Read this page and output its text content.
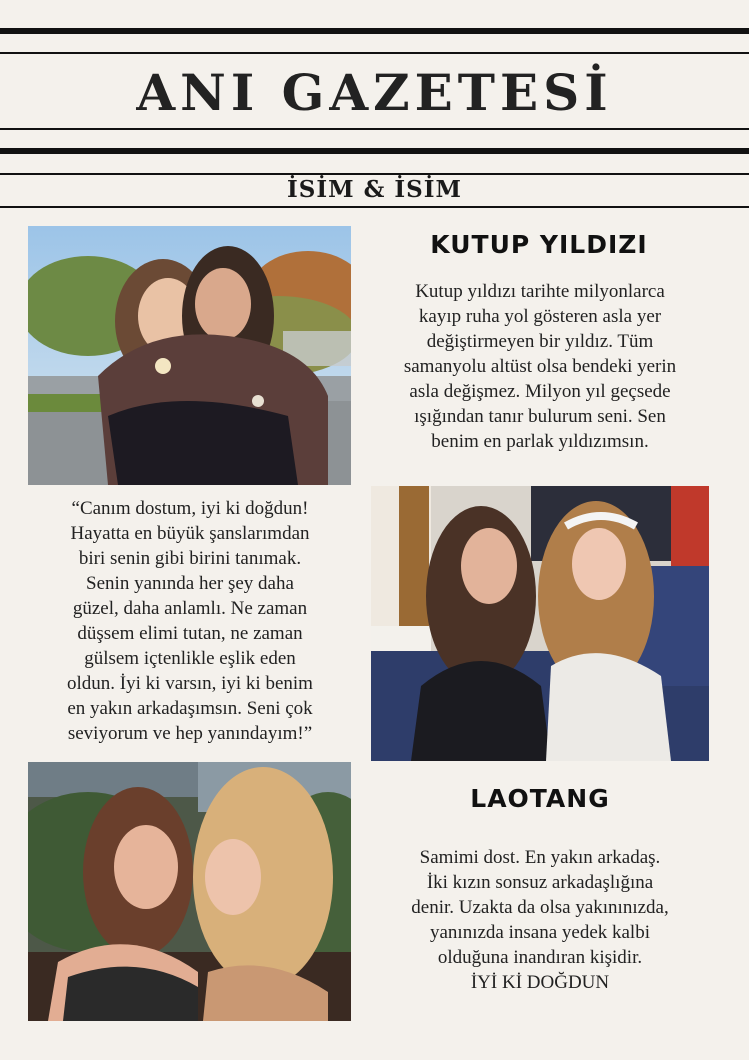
ANI GAZETESİ
İSİM & İSİM
KUTUP YILDIZI
Kutup yıldızı tarihte milyonlarca
kayıp ruha yol gösteren asla yer
değiştirmeyen bir yıldız. Tüm
samanyolu altüst olsa bendeki yerin
asla değişmez. Milyon yıl geçsede
ışığından tanır bulurum seni. Sen
benim en parlak yıldızımsın.
“Canım dostum, iyi ki doğdun!
Hayatta en büyük şanslarımdan
biri senin gibi birini tanımak.
Senin yanında her şey daha
güzel, daha anlamlı. Ne zaman
düşsem elimi tutan, ne zaman
gülsem içtenlikle eşlik eden
oldun. İyi ki varsın, iyi ki benim
en yakın arkadaşımsın. Seni çok
seviyorum ve hep yanındayım!”
LAOTANG
Samimi dost. En yakın arkadaş.
İki kızın sonsuz arkadaşlığına
denir. Uzakta da olsa yakınınızda,
yanınızda insana yedek kalbi
olduğuna inandıran kişidir.
İYİ Kİ DOĞDUN
